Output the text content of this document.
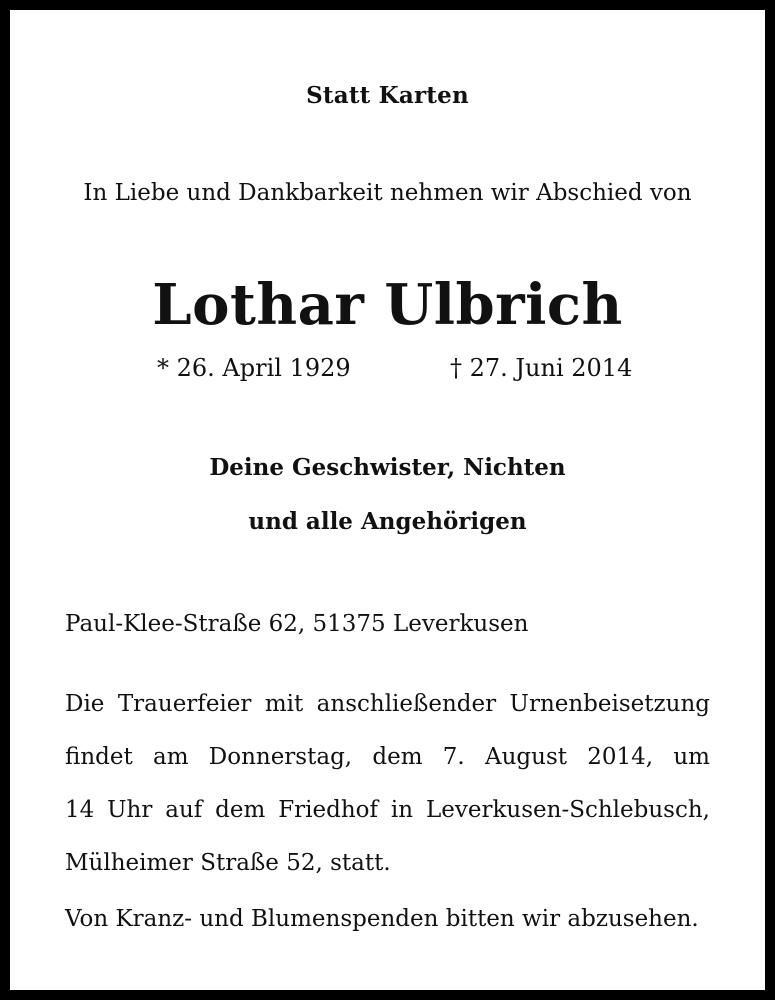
Statt Karten
In Liebe und Dankbarkeit nehmen wir Abschied von
Lothar Ulbrich
* 26. April 1929	† 27. Juni 2014
Deine Geschwister, Nichten
und alle Angehörigen
Paul-Klee-Straße 62, 51375 Leverkusen
Die Trauerfeier mit anschließender Urnenbeisetzung
findet am Donnerstag, dem 7. August 2014, um
14 Uhr auf dem Friedhof in Leverkusen-Schlebusch,
Mülheimer Straße 52, statt.
Von Kranz- und Blumenspenden bitten wir abzusehen.
